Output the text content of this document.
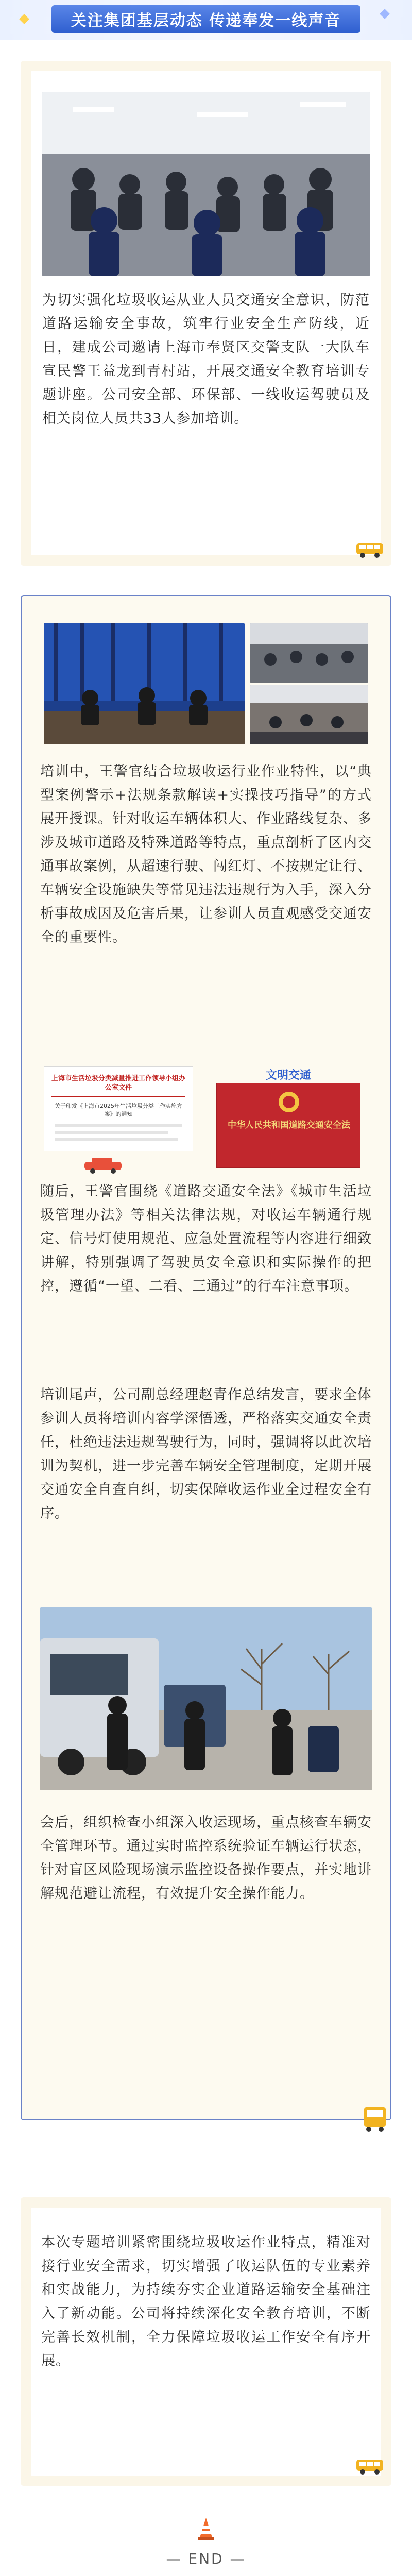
关注集团基层动态 传递奉发一线声音
为切实强化垃圾收运从业人员交通安全意识，防范道路运输安全事故，筑牢行业安全生产防线，近日，建成公司邀请上海市奉贤区交警支队一大队车宣民警王益龙到青村站，开展交通安全教育培训专题讲座。公司安全部、环保部、一线收运驾驶员及相关岗位人员共33人参加培训。
培训中，王警官结合垃圾收运行业作业特性，以“典型案例警示+法规条款解读+实操技巧指导”的方式展开授课。针对收运车辆体积大、作业路线复杂、多涉及城市道路及特殊道路等特点，重点剖析了区内交通事故案例，从超速行驶、闯红灯、不按规定让行、车辆安全设施缺失等常见违法违规行为入手，深入分析事故成因及危害后果，让参训人员直观感受交通安全的重要性。
上海市生活垃圾分类减量推进工作领导小组办公室文件
关于印发《上海市2025年生活垃圾分类工作实施方案》的通知
文明交通
中华人民共和国道路交通安全法
随后，王警官围绕《道路交通安全法》《城市生活垃圾管理办法》等相关法律法规，对收运车辆通行规定、信号灯使用规范、应急处置流程等内容进行细致讲解，特别强调了驾驶员安全意识和实际操作的把控，遵循“一望、二看、三通过”的行车注意事项。
培训尾声，公司副总经理赵青作总结发言，要求全体参训人员将培训内容学深悟透，严格落实交通安全责任，杜绝违法违规驾驶行为，同时，强调将以此次培训为契机，进一步完善车辆安全管理制度，定期开展交通安全自查自纠，切实保障收运作业全过程安全有序。
会后，组织检查小组深入收运现场，重点核查车辆安全管理环节。通过实时监控系统验证车辆运行状态，针对盲区风险现场演示监控设备操作要点，并实地讲解规范避让流程，有效提升安全操作能力。
本次专题培训紧密围绕垃圾收运作业特点，精准对接行业安全需求，切实增强了收运队伍的专业素养和实战能力，为持续夯实企业道路运输安全基础注入了新动能。公司将持续深化安全教育培训，不断完善长效机制，全力保障垃圾收运工作安全有序开展。
— END —
